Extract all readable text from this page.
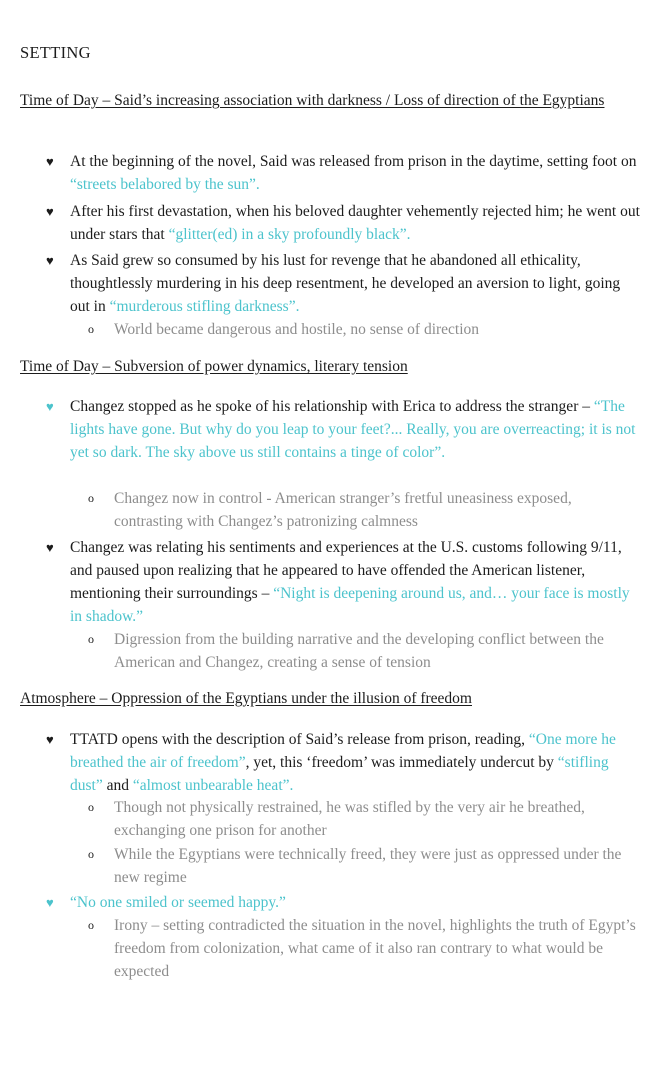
SETTING
Time of Day – Said’s increasing association with darkness / Loss of direction of the Egyptians
♥ At the beginning of the novel, Said was released from prison in the daytime, setting foot on “streets belabored by the sun”.
♥ After his first devastation, when his beloved daughter vehemently rejected him; he went out under stars that “glitter(ed) in a sky profoundly black”.
♥ As Said grew so consumed by his lust for revenge that he abandoned all ethicality, thoughtlessly murdering in his deep resentment, he developed an aversion to light, going out in “murderous stifling darkness”.
o World became dangerous and hostile, no sense of direction
Time of Day – Subversion of power dynamics, literary tension
♥ Changez stopped as he spoke of his relationship with Erica to address the stranger – “The lights have gone. But why do you leap to your feet?... Really, you are overreacting; it is not yet so dark. The sky above us still contains a tinge of color”.
o Changez now in control - American stranger’s fretful uneasiness exposed, contrasting with Changez’s patronizing calmness
♥ Changez was relating his sentiments and experiences at the U.S. customs following 9/11, and paused upon realizing that he appeared to have offended the American listener, mentioning their surroundings – “Night is deepening around us, and… your face is mostly in shadow.”
o Digression from the building narrative and the developing conflict between the American and Changez, creating a sense of tension
Atmosphere – Oppression of the Egyptians under the illusion of freedom
♥ TTATD opens with the description of Said’s release from prison, reading, “One more he breathed the air of freedom”, yet, this ‘freedom’ was immediately undercut by “stifling dust” and “almost unbearable heat”.
o Though not physically restrained, he was stifled by the very air he breathed, exchanging one prison for another
o While the Egyptians were technically freed, they were just as oppressed under the new regime
♥ “No one smiled or seemed happy.”
o Irony – setting contradicted the situation in the novel, highlights the truth of Egypt’s freedom from colonization, what came of it also ran contrary to what would be expected
